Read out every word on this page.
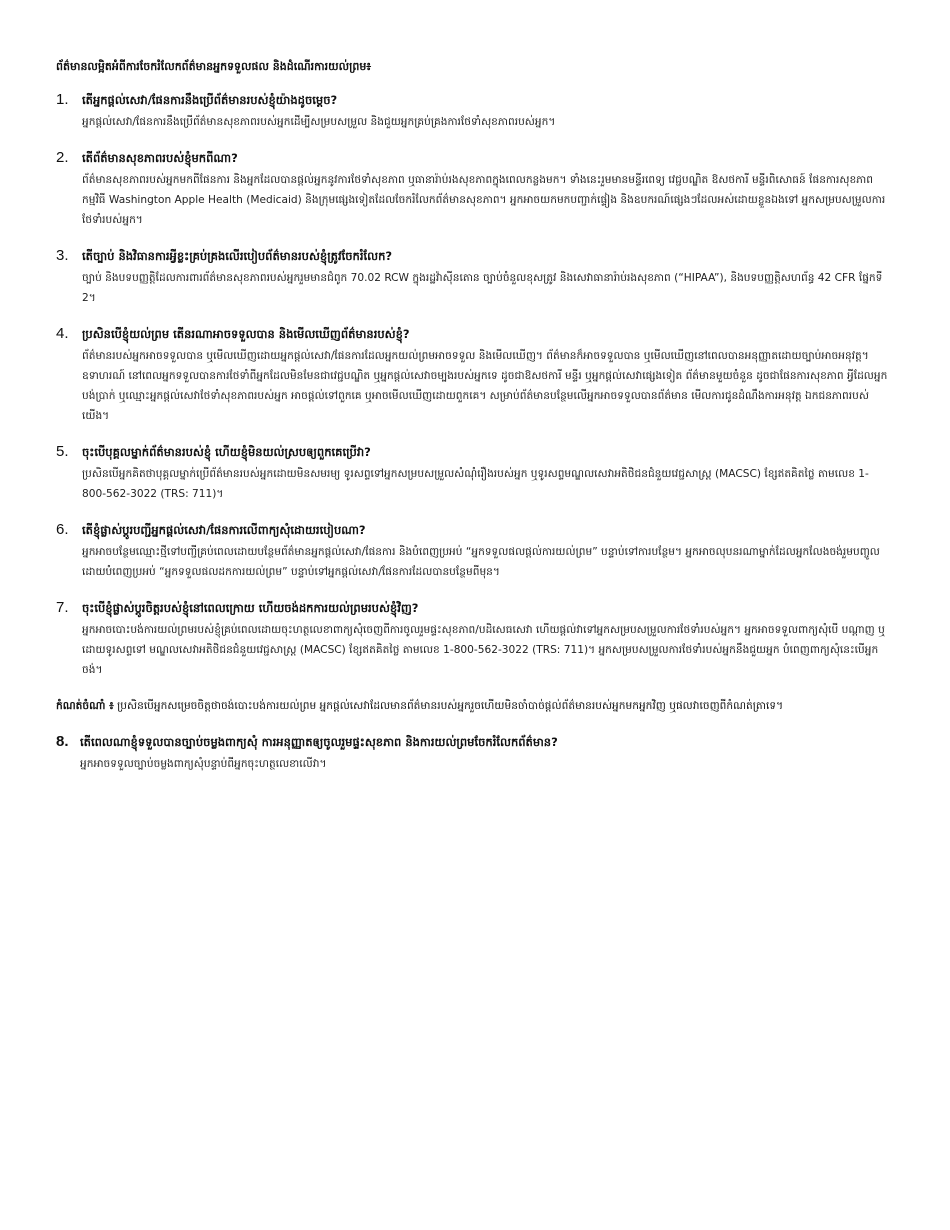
ព័ត៌មានលម្អិតអំពីការចែករំលែកព័ត៌មានអ្នកទទួលផល និងដំណើរការយល់ព្រម៖
1.	តើអ្នកផ្តល់សេវា/ផែនការនឹងប្រើព័ត៌មានរបស់ខ្ញុំយ៉ាងដូចម្ដេច?
អ្នកផ្តល់សេវា/ផែនការនឹងប្រើព័ត៌មានសុខភាពរបស់អ្នកដើម្បីសម្របសម្រួល និងជួយអ្នកគ្រប់គ្រងការថែទាំសុខភាពរបស់អ្នក។
2.	តើព័ត៌មានសុខភាពរបស់ខ្ញុំមកពីណា?
ព័ត៌មានសុខភាពរបស់អ្នកមកពីផែនការ និងអ្នកដែលបានផ្តល់អ្នកនូវការថែទាំសុខភាព ឬធានារ៉ាប់រងសុខភាពក្នុងពេលកន្លងមក។ ទាំងនេះរួមមានមន្ទីរពេទ្យ វេជ្ជបណ្ឌិត ឱសថការី មន្ទីរពិសោធន៍ ផែនការសុខភាព កម្មវិធី Washington Apple Health (Medicaid) និងក្រុមផ្សេងទៀតដែលចែករំលែកព័ត៌មានសុខភាព។ អ្នកអាចយកមកបញ្ជាក់ផ្ទៀង និងឧបករណ៍ផ្សេងៗដែលអស់ដោយខ្លួនឯងទៅ អ្នកសម្របសម្រួលការថែទាំរបស់អ្នក។
3.	តើច្បាប់ និងវិធានការអ្វីខ្លះគ្រប់គ្រងលើរបៀបព័ត៌មានរបស់ខ្ញុំត្រូវចែករំលែក?
ច្បាប់ និងបទបញ្ញត្តិដែលការពារព័ត៌មានសុខភាពរបស់អ្នករួមមានជំពូក 70.02 RCW ក្នុងរដ្ឋវ៉ាស៊ីនតោន ច្បាប់ចំនួលខុសត្រូវ និងសេវាធានារ៉ាប់រងសុខភាព (“HIPAA”), និងបទបញ្ញត្តិសហព័ន្ធ 42 CFR ផ្នែកទី 2។
4.	ប្រសិនបើខ្ញុំយល់ព្រម តើនរណាអាចទទួលបាន និងមើលឃើញព័ត៌មានរបស់ខ្ញុំ?
ព័ត៌មានរបស់អ្នកអាចទទួលបាន ឬមើលឃើញដោយអ្នកផ្តល់សេវា/ផែនការដែលអ្នកយល់ព្រមអាចទទួល និងមើលឃើញ។ ព័ត៌មានក៏អាចទទួលបាន ឬមើលឃើញនៅពេលបានអនុញ្ញាតដោយច្បាប់អាចអនុវត្ត។ ឧទាហរណ៍ នៅពេលអ្នកទទួលបានការថែទាំពីអ្នកដែលមិនមែនជាវេជ្ជបណ្ឌិត ឬអ្នកផ្តល់សេវាចម្បងរបស់អ្នកទេ ដូចជាឱសថការី មន្ទីរ ឬអ្នកផ្តល់សេវាផ្សេងទៀត ព័ត៌មានមួយចំនួន ដូចជាផែនការសុខភាព អ្វីដែលអ្នកបង់ប្រាក់ ឬឈ្មោះអ្នកផ្តល់សេវាថែទាំសុខភាពរបស់អ្នក អាចផ្តល់ទៅពួកគេ ឬអាចមើលឃើញដោយពួកគេ។ សម្រាប់ព័ត៌មានបន្ថែមលើអ្នកអាចទទួលបានព័ត៌មាន មើលការជូនដំណឹងការអនុវត្ត ឯកជនភាពរបស់យើង។
5.	ចុះបើបុគ្គលម្នាក់ព័ត៌មានរបស់ខ្ញុំ ហើយខ្ញុំមិនយល់ស្របឲ្យពួកគេប្រើវា?
ប្រសិនបើអ្នកគិតថាបុគ្គលម្នាក់ប្រើព័ត៌មានរបស់អ្នកដោយមិនសមរម្យ ទូរសព្ទទៅអ្នកសម្របសម្រួលសំណុំរឿងរបស់អ្នក ឬទូរសព្ទមណ្ឌលសេវាអតិថិជនជំនួយវេជ្ជសាស្ត្រ (MACSC) ខ្សែឥតគិតថ្លៃ តាមលេខ 1-800-562-3022 (TRS: 711)។
6.	តើខ្ញុំផ្លាស់ប្តូរបញ្ជីអ្នកផ្តល់សេវា/ផែនការលើពាក្យសុំដោយរបៀបណា?
អ្នកអាចបន្ថែមឈ្មោះថ្មីទៅបញ្ជីគ្រប់ពេលដោយបន្ថែមព័ត៌មានអ្នកផ្តល់សេវា/ផែនការ និងបំពេញប្រអប់ “អ្នកទទួលផលផ្តល់ការយល់ព្រម” បន្ទាប់ទៅការបន្ថែម។ អ្នកអាចលុបនរណាម្នាក់ដែលអ្នកលែងចង់រួមបញ្ចូល ដោយបំពេញប្រអប់ “អ្នកទទួលផលដកការយល់ព្រម” បន្ទាប់ទៅអ្នកផ្តល់សេវា/ផែនការដែលបានបន្ថែមពីមុន។
7.	ចុះបើខ្ញុំផ្លាស់ប្តូរចិត្តរបស់ខ្ញុំនៅពេលក្រោយ ហើយចង់ដកការយល់ព្រមរបស់ខ្ញុំវិញ?
អ្នកអាចបោះបង់ការយល់ព្រមរបស់ខ្ញុំគ្រប់ពេលដោយចុះហត្ថលេខាពាក្យសុំចេញពីការចូលរួមផ្ទះសុខភាព/បដិសេធសេវា ហើយផ្តល់វាទៅអ្នកសម្របសម្រួលការថែទាំរបស់អ្នក។ អ្នកអាចទទួលពាក្យសុំបើ បណ្ដាញ ឬដោយទូរសព្ទទៅ មណ្ឌលសេវាអតិថិជនជំនួយវេជ្ជសាស្ត្រ (MACSC) ខ្សែឥតគិតថ្លៃ តាមលេខ 1-800-562-3022 (TRS: 711)។ អ្នកសម្របសម្រួលការថែទាំរបស់អ្នកនឹងជួយអ្នក បំពេញពាក្យសុំនេះបើអ្នកចង់។
កំណត់ចំណាំ ៖ ប្រសិនបើអ្នកសម្រេចចិត្តថាចង់បោះបង់ការយល់ព្រម អ្នកផ្តល់សេវាដែលមានព័ត៌មានរបស់អ្នករួចហើយមិនចាំបាច់ផ្តល់ព័ត៌មានរបស់អ្នកមកអ្នកវិញ ឬផលវាចេញពីកំណត់ត្រាទេ។
8. តើពេលណាខ្ញុំទទួលបានច្បាប់ចម្លងពាក្យសុំ ការអនុញ្ញាតឲ្យចូលរួមផ្ទះសុខភាព និងការយល់ព្រមចែករំលែកព័ត៌មាន?
អ្នកអាចទទួលច្បាប់ចម្លងពាក្យសុំបន្ទាប់ពីអ្នកចុះហត្ថលេខាលើវា។
